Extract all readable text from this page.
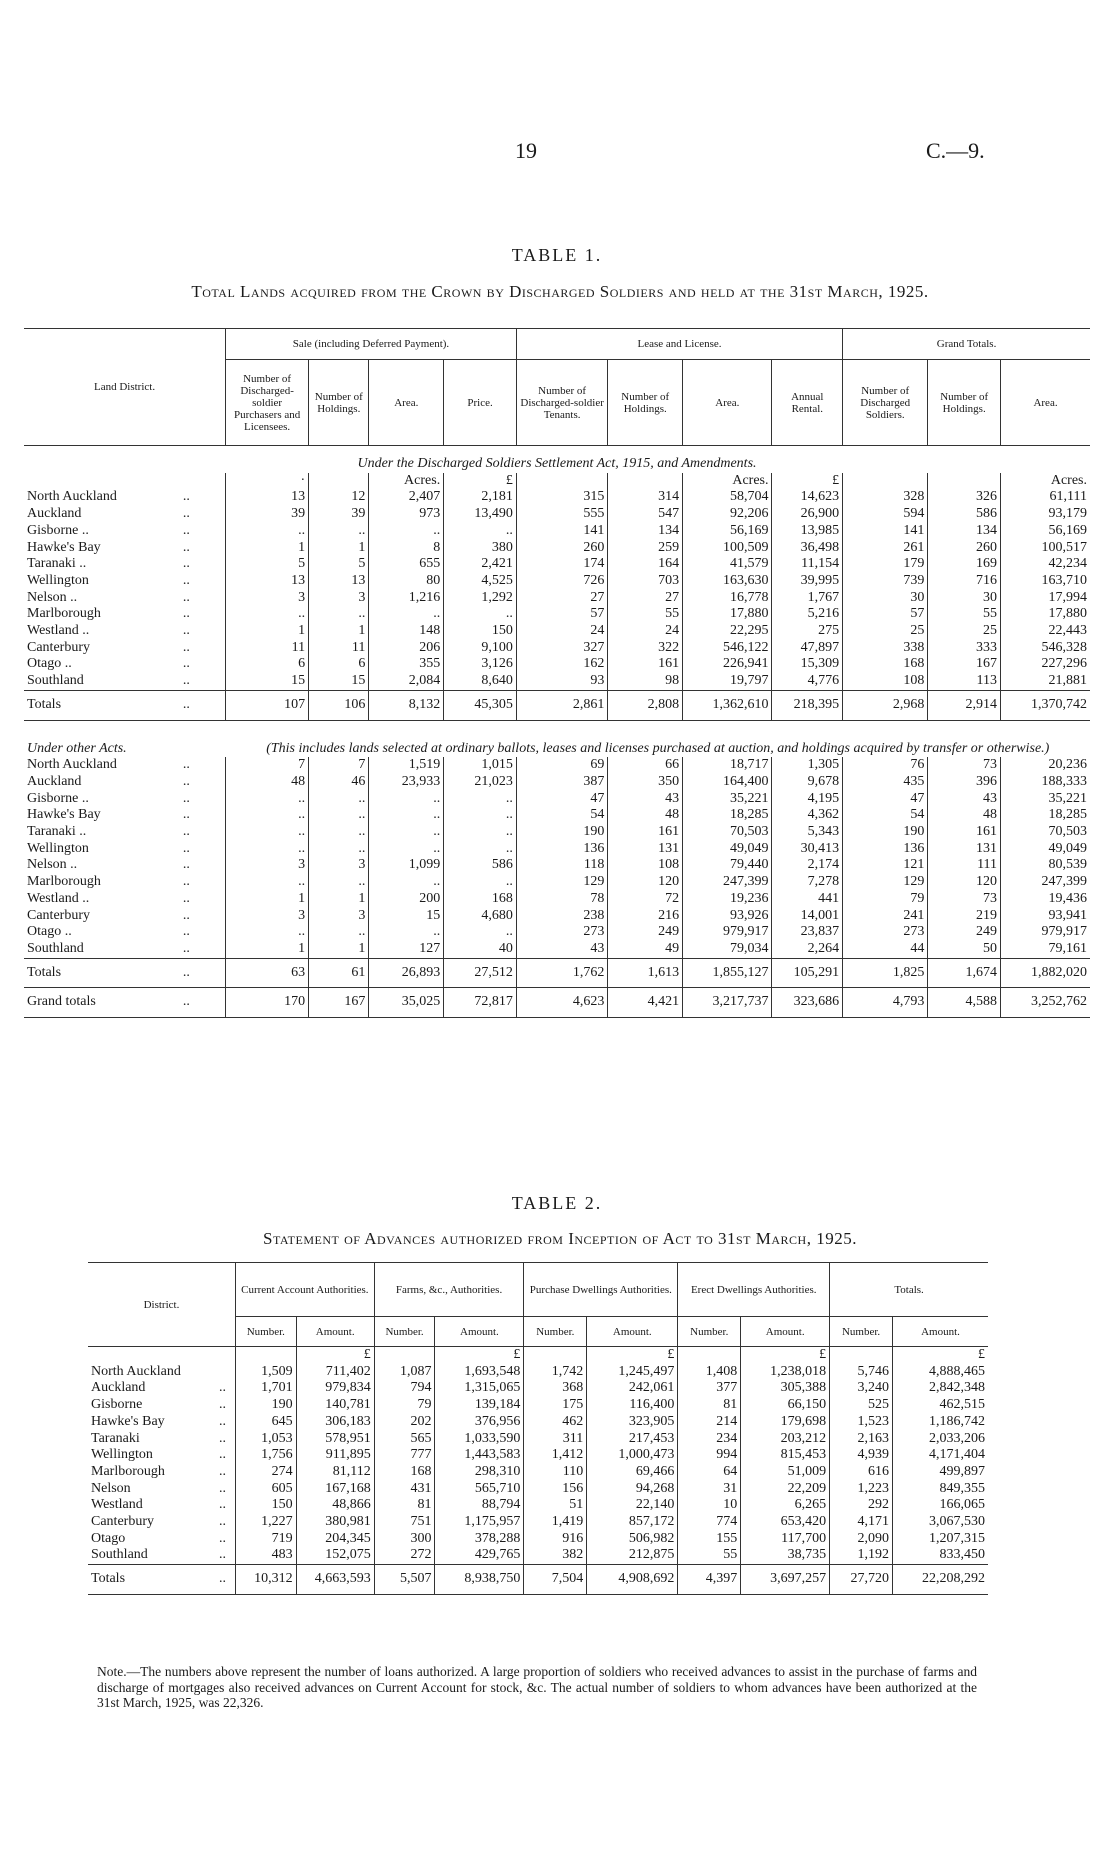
19	C.—9.
TABLE 1.
Total Lands acquired from the Crown by Discharged Soldiers and held at the 31st March, 1925.
Land District.		Sale (including Deferred Payment).				Lease and License.				Grand Totals.		
		Number of Discharged-soldier Purchasers and Licensees.	Number of Holdings.	Area.	Price.	Number of Discharged-soldier Tenants.	Number of Holdings.	Area.	Annual Rental.	Number of Discharged Soldiers.	Number of Holdings.	Area.
Under the Discharged Soldiers Settlement Act, 1915, and Amendments.												
		·		Acres.	£			Acres.	£			Acres.
North Auckland	..	13	12	2,407	2,181	315	314	58,704	14,623	328	326	61,111
Auckland	..	39	39	973	13,490	555	547	92,206	26,900	594	586	93,179
Gisborne ..	..	..	..	..	..	141	134	56,169	13,985	141	134	56,169
Hawke's Bay	..	1	1	8	380	260	259	100,509	36,498	261	260	100,517
Taranaki ..	..	5	5	655	2,421	174	164	41,579	11,154	179	169	42,234
Wellington	..	13	13	80	4,525	726	703	163,630	39,995	739	716	163,710
Nelson ..	..	3	3	1,216	1,292	27	27	16,778	1,767	30	30	17,994
Marlborough	..	..	..	..	..	57	55	17,880	5,216	57	55	17,880
Westland ..	..	1	1	148	150	24	24	22,295	275	25	25	22,443
Canterbury	..	11	11	206	9,100	327	322	546,122	47,897	338	333	546,328
Otago ..	..	6	6	355	3,126	162	161	226,941	15,309	168	167	227,296
Southland	..	15	15	2,084	8,640	93	98	19,797	4,776	108	113	21,881
Totals	..	107	106	8,132	45,305	2,861	2,808	1,362,610	218,395	2,968	2,914	1,370,742
Under other Acts.		(This includes lands selected at ordinary ballots, leases and licenses purchased at auction, and holdings acquired by transfer or otherwise.)										
North Auckland	..	7	7	1,519	1,015	69	66	18,717	1,305	76	73	20,236
Auckland	..	48	46	23,933	21,023	387	350	164,400	9,678	435	396	188,333
Gisborne ..	..	..	..	..	..	47	43	35,221	4,195	47	43	35,221
Hawke's Bay	..	..	..	..	..	54	48	18,285	4,362	54	48	18,285
Taranaki ..	..	..	..	..	..	190	161	70,503	5,343	190	161	70,503
Wellington	..	..	..	..	..	136	131	49,049	30,413	136	131	49,049
Nelson ..	..	3	3	1,099	586	118	108	79,440	2,174	121	111	80,539
Marlborough	..	..	..	..	..	129	120	247,399	7,278	129	120	247,399
Westland ..	..	1	1	200	168	78	72	19,236	441	79	73	19,436
Canterbury	..	3	3	15	4,680	238	216	93,926	14,001	241	219	93,941
Otago ..	..	..	..	..	..	273	249	979,917	23,837	273	249	979,917
Southland	..	1	1	127	40	43	49	79,034	2,264	44	50	79,161
Totals	..	63	61	26,893	27,512	1,762	1,613	1,855,127	105,291	1,825	1,674	1,882,020
Grand totals	..	170	167	35,025	72,817	4,623	4,421	3,217,737	323,686	4,793	4,588	3,252,762
TABLE 2.
Statement of Advances authorized from Inception of Act to 31st March, 1925.
District.		Current Account Authorities.		Farms, &c., Authorities.		Purchase Dwellings Authorities.		Erect Dwellings Authorities.		Totals.	
		Number.	Amount.	Number.	Amount.	Number.	Amount.	Number.	Amount.	Number.	Amount.
			£		£		£		£		£
North Auckland		1,509	711,402	1,087	1,693,548	1,742	1,245,497	1,408	1,238,018	5,746	4,888,465
Auckland	..	1,701	979,834	794	1,315,065	368	242,061	377	305,388	3,240	2,842,348
Gisborne	..	190	140,781	79	139,184	175	116,400	81	66,150	525	462,515
Hawke's Bay	..	645	306,183	202	376,956	462	323,905	214	179,698	1,523	1,186,742
Taranaki	..	1,053	578,951	565	1,033,590	311	217,453	234	203,212	2,163	2,033,206
Wellington	..	1,756	911,895	777	1,443,583	1,412	1,000,473	994	815,453	4,939	4,171,404
Marlborough	..	274	81,112	168	298,310	110	69,466	64	51,009	616	499,897
Nelson	..	605	167,168	431	565,710	156	94,268	31	22,209	1,223	849,355
Westland	..	150	48,866	81	88,794	51	22,140	10	6,265	292	166,065
Canterbury	..	1,227	380,981	751	1,175,957	1,419	857,172	774	653,420	4,171	3,067,530
Otago	..	719	204,345	300	378,288	916	506,982	155	117,700	2,090	1,207,315
Southland	..	483	152,075	272	429,765	382	212,875	55	38,735	1,192	833,450
Totals	..	10,312	4,663,593	5,507	8,938,750	7,504	4,908,692	4,397	3,697,257	27,720	22,208,292
Note.—The numbers above represent the number of loans authorized. A large proportion of soldiers who received advances to assist in the purchase of farms and discharge of mortgages also received advances on Current Account for stock, &c. The actual number of soldiers to whom advances have been authorized at the 31st March, 1925, was 22,326.
